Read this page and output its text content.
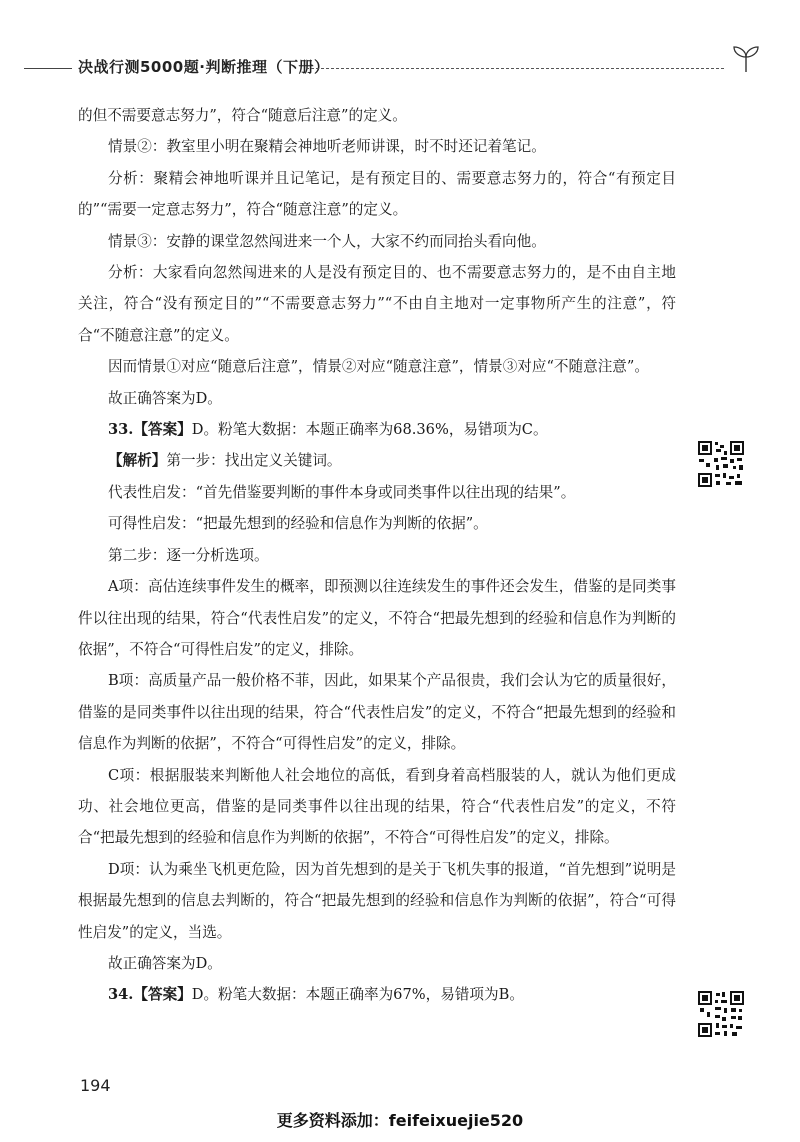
决战行测5000题·判断推理（下册）

的但不需要意志努力”，符合“随意后注意”的定义。

情景②：教室里小明在聚精会神地听老师讲课，时不时还记着笔记。

分析：聚精会神地听课并且记笔记，是有预定目的、需要意志努力的，符合“有预定目的”“需要一定意志努力”，符合“随意注意”的定义。

情景③：安静的课堂忽然闯进来一个人，大家不约而同抬头看向他。

分析：大家看向忽然闯进来的人是没有预定目的、也不需要意志努力的，是不由自主地关注，符合“没有预定目的”“不需要意志努力”“不由自主地对一定事物所产生的注意”，符合“不随意注意”的定义。

因而情景①对应“随意后注意”，情景②对应“随意注意”，情景③对应“不随意注意”。

故正确答案为D。

33.【答案】D。粉笔大数据：本题正确率为68.36%，易错项为C。

【解析】第一步：找出定义关键词。

代表性启发：“首先借鉴要判断的事件本身或同类事件以往出现的结果”。

可得性启发：“把最先想到的经验和信息作为判断的依据”。

第二步：逐一分析选项。

A项：高估连续事件发生的概率，即预测以往连续发生的事件还会发生，借鉴的是同类事件以往出现的结果，符合“代表性启发”的定义，不符合“把最先想到的经验和信息作为判断的依据”，不符合“可得性启发”的定义，排除。

B项：高质量产品一般价格不菲，因此，如果某个产品很贵，我们会认为它的质量很好，借鉴的是同类事件以往出现的结果，符合“代表性启发”的定义，不符合“把最先想到的经验和信息作为判断的依据”，不符合“可得性启发”的定义，排除。

C项：根据服装来判断他人社会地位的高低，看到身着高档服装的人，就认为他们更成功、社会地位更高，借鉴的是同类事件以往出现的结果，符合“代表性启发”的定义，不符合“把最先想到的经验和信息作为判断的依据”，不符合“可得性启发”的定义，排除。

D项：认为乘坐飞机更危险，因为首先想到的是关于飞机失事的报道，“首先想到”说明是根据最先想到的信息去判断的，符合“把最先想到的经验和信息作为判断的依据”，符合“可得性启发”的定义，当选。

故正确答案为D。

34.【答案】D。粉笔大数据：本题正确率为67%，易错项为B。

194
更多资料添加：feifeixuejie520
